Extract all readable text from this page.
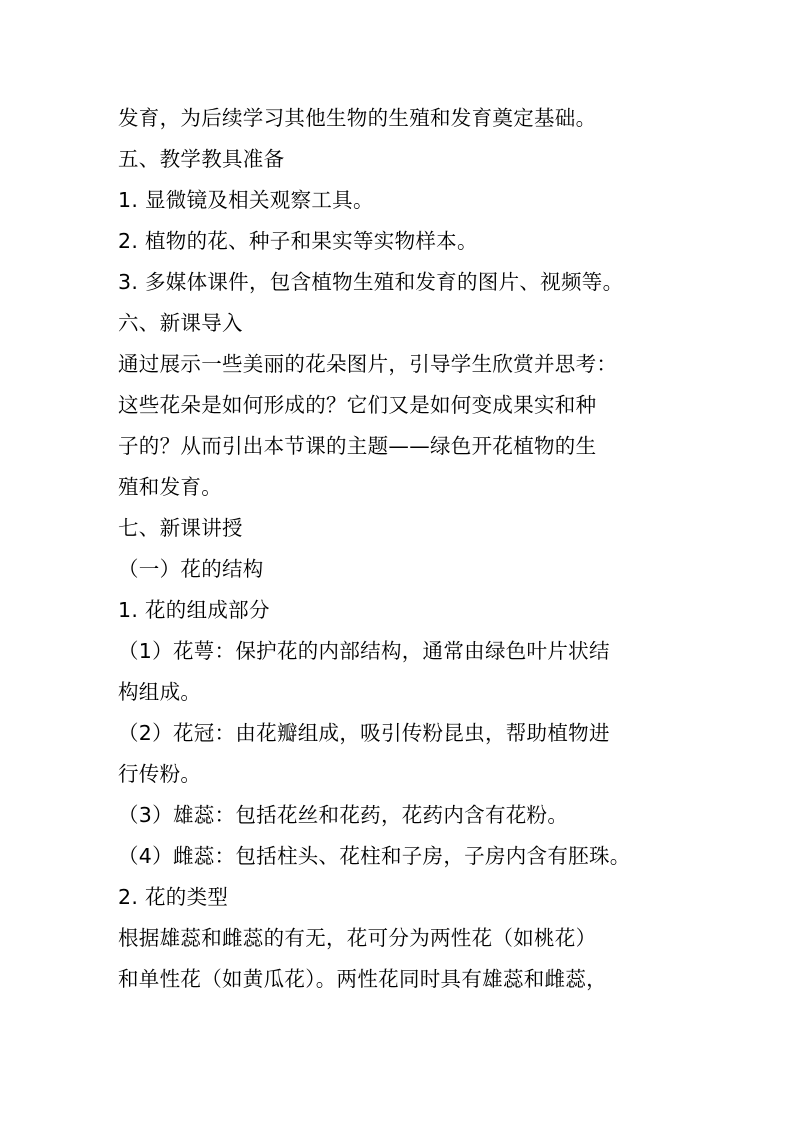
发育，为后续学习其他生物的生殖和发育奠定基础。
五、教学教具准备
1. 显微镜及相关观察工具。
2. 植物的花、种子和果实等实物样本。
3. 多媒体课件，包含植物生殖和发育的图片、视频等。
六、新课导入
通过展示一些美丽的花朵图片，引导学生欣赏并思考：
这些花朵是如何形成的？它们又是如何变成果实和种
子的？从而引出本节课的主题——绿色开花植物的生
殖和发育。
七、新课讲授
（一）花的结构
1. 花的组成部分
（1）花萼：保护花的内部结构，通常由绿色叶片状结
构组成。
（2）花冠：由花瓣组成，吸引传粉昆虫，帮助植物进
行传粉。
（3）雄蕊：包括花丝和花药，花药内含有花粉。
（4）雌蕊：包括柱头、花柱和子房，子房内含有胚珠。
2. 花的类型
根据雄蕊和雌蕊的有无，花可分为两性花（如桃花）
和单性花（如黄瓜花）。两性花同时具有雄蕊和雌蕊，
